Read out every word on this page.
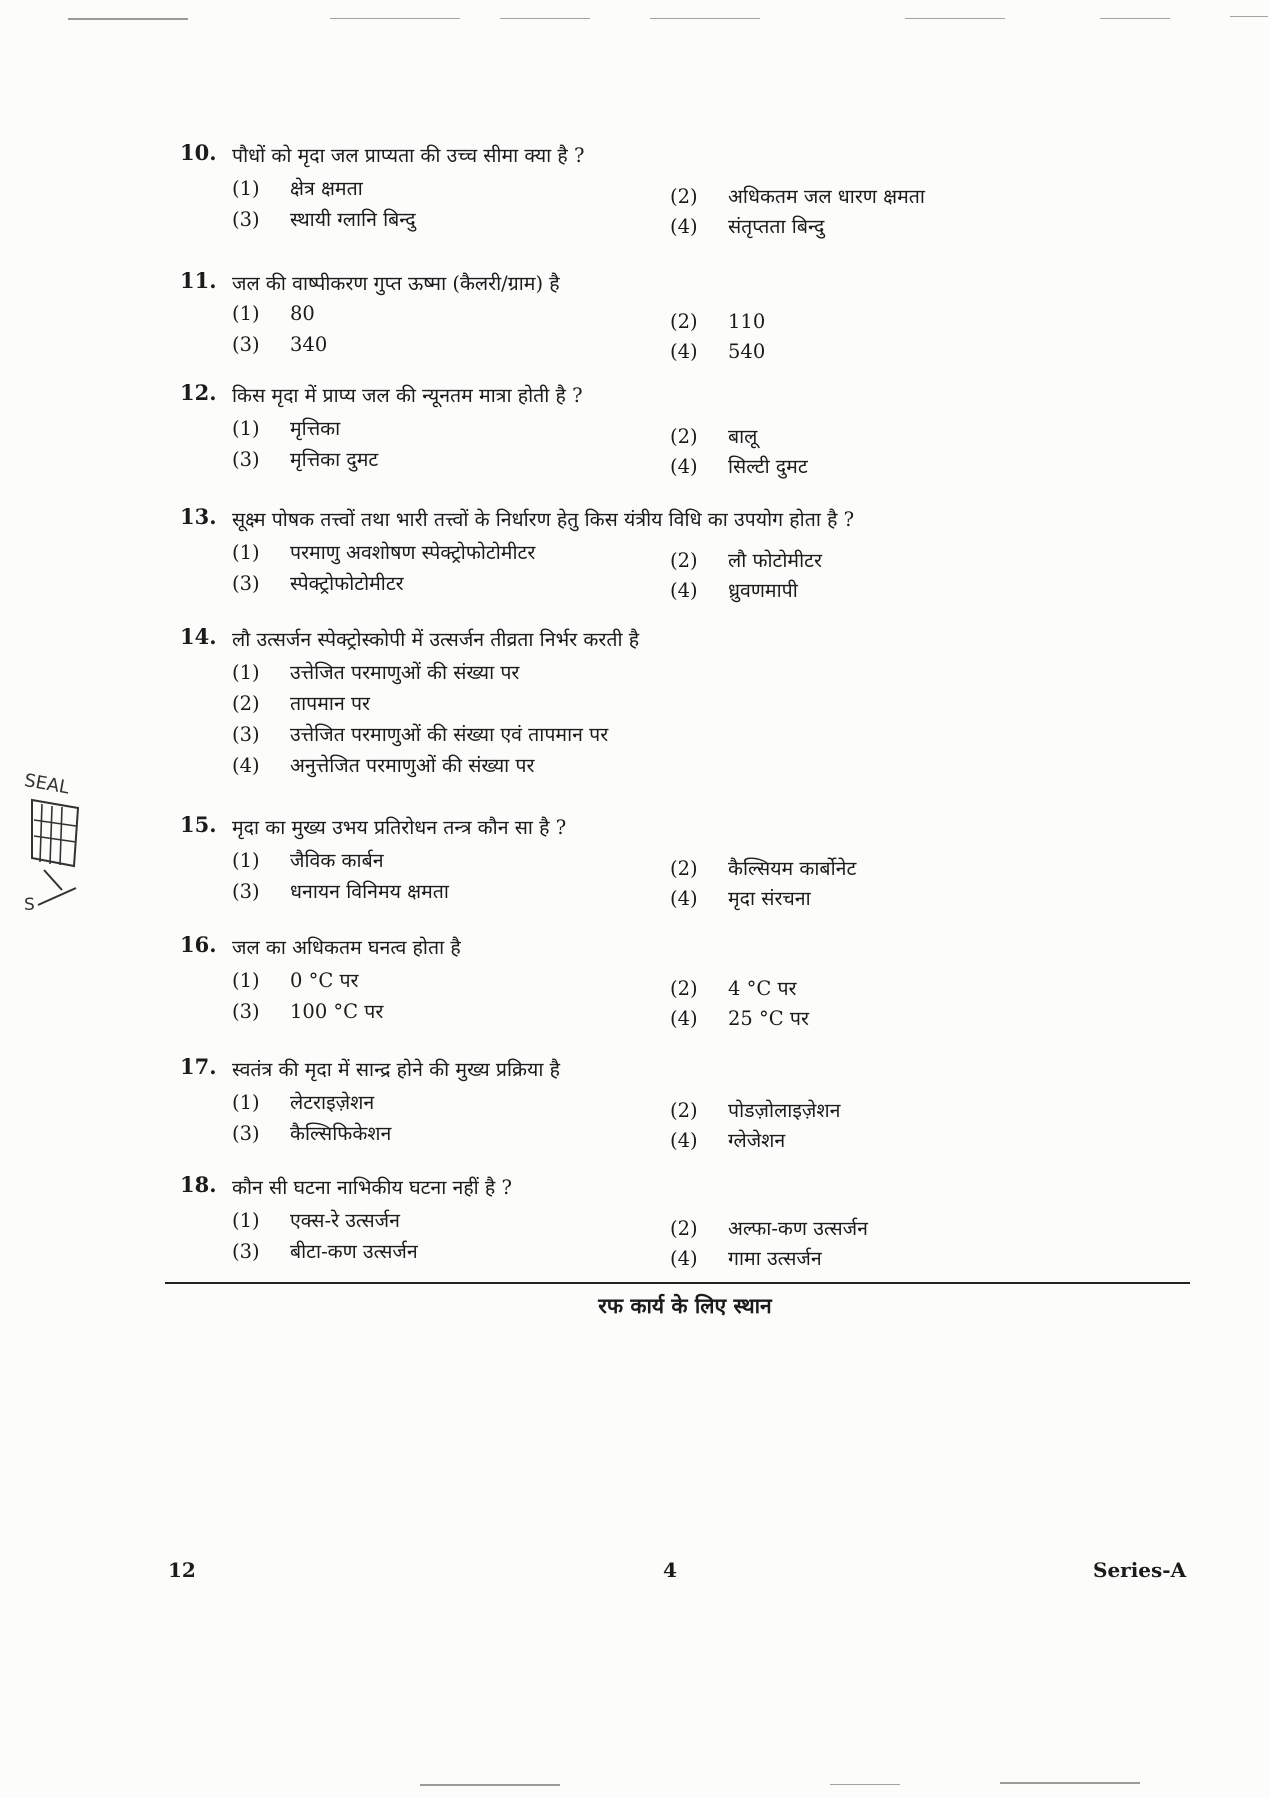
SEAL
S
10. पौधों को मृदा जल प्राप्यता की उच्च सीमा क्या है ?
(1) क्षेत्र क्षमता	(2) अधिकतम जल धारण क्षमता
(3) स्थायी ग्लानि बिन्दु	(4) संतृप्तता बिन्दु
11. जल की वाष्पीकरण गुप्त ऊष्मा (कैलरी/ग्राम) है
(1) 80	(2) 110
(3) 340	(4) 540
12. किस मृदा में प्राप्य जल की न्यूनतम मात्रा होती है ?
(1) मृत्तिका	(2) बालू
(3) मृत्तिका दुमट	(4) सिल्टी दुमट
13. सूक्ष्म पोषक तत्त्वों तथा भारी तत्त्वों के निर्धारण हेतु किस यंत्रीय विधि का उपयोग होता है ?
(1) परमाणु अवशोषण स्पेक्ट्रोफोटोमीटर	(2) लौ फोटोमीटर
(3) स्पेक्ट्रोफोटोमीटर	(4) ध्रुवणमापी
14. लौ उत्सर्जन स्पेक्ट्रोस्कोपी में उत्सर्जन तीव्रता निर्भर करती है
(1) उत्तेजित परमाणुओं की संख्या पर
(2) तापमान पर
(3) उत्तेजित परमाणुओं की संख्या एवं तापमान पर
(4) अनुत्तेजित परमाणुओं की संख्या पर
15. मृदा का मुख्य उभय प्रतिरोधन तन्त्र कौन सा है ?
(1) जैविक कार्बन	(2) कैल्सियम कार्बोनेट
(3) धनायन विनिमय क्षमता	(4) मृदा संरचना
16. जल का अधिकतम घनत्व होता है
(1) 0 °C पर	(2) 4 °C पर
(3) 100 °C पर	(4) 25 °C पर
17. स्वतंत्र की मृदा में सान्द्र होने की मुख्य प्रक्रिया है
(1) लेटराइज़ेशन	(2) पोडज़ोलाइज़ेशन
(3) कैल्सिफिकेशन	(4) ग्लेजेशन
18. कौन सी घटना नाभिकीय घटना नहीं है ?
(1) एक्स-रे उत्सर्जन	(2) अल्फा-कण उत्सर्जन
(3) बीटा-कण उत्सर्जन	(4) गामा उत्सर्जन
रफ कार्य के लिए स्थान
12	4	Series-A
